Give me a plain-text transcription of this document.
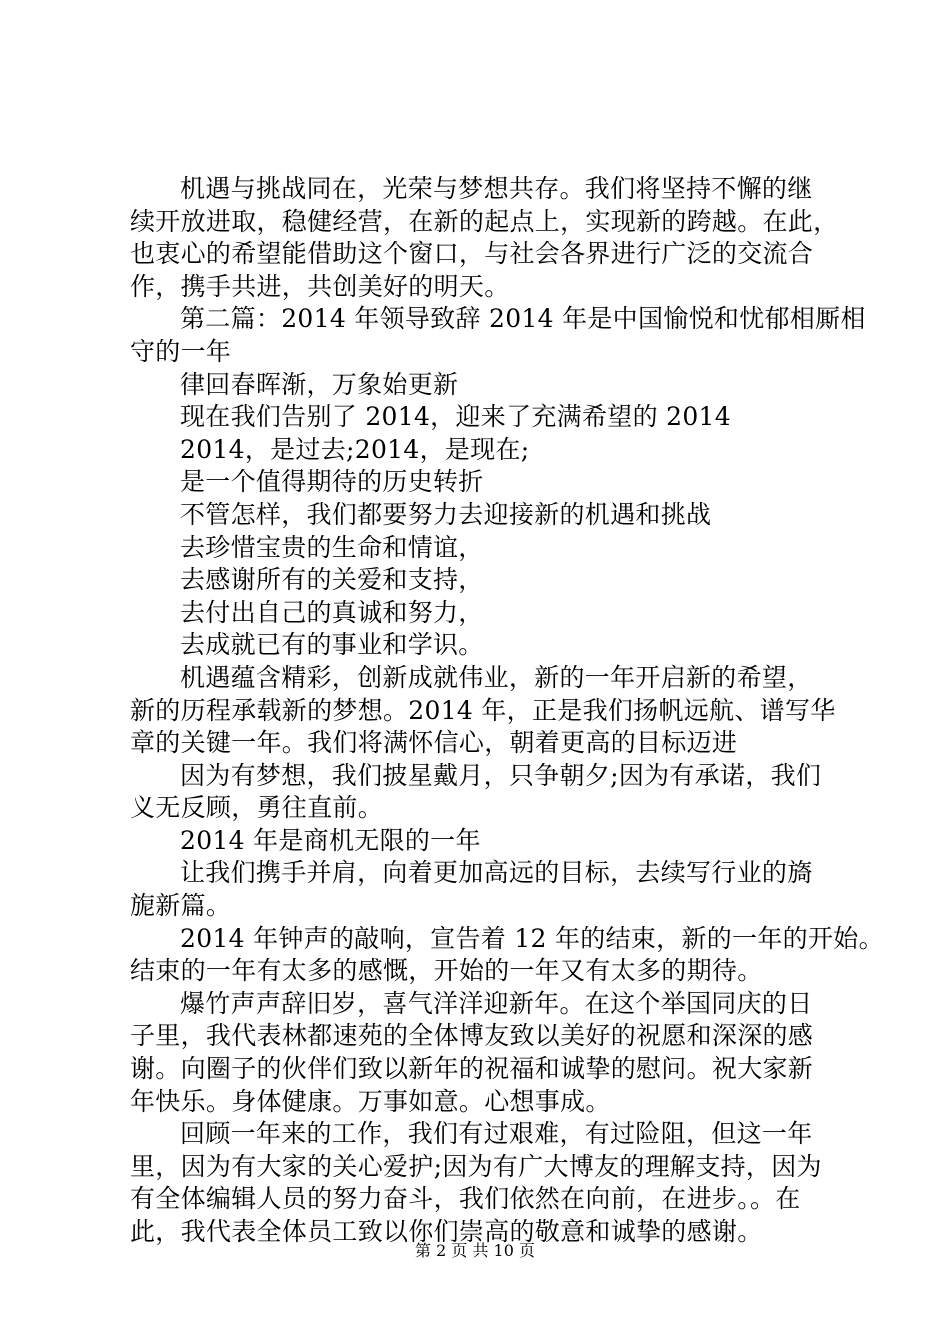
机遇与挑战同在，光荣与梦想共存。我们将坚持不懈的继
续开放进取，稳健经营，在新的起点上，实现新的跨越。在此，
也衷心的希望能借助这个窗口，与社会各界进行广泛的交流合
作，携手共进，共创美好的明天。
第二篇：2014 年领导致辞 2014 年是中国愉悦和忧郁相厮相
守的一年
律回春晖渐，万象始更新
现在我们告别了 2014，迎来了充满希望的 2014
2014，是过去;2014，是现在;
是一个值得期待的历史转折
不管怎样，我们都要努力去迎接新的机遇和挑战
去珍惜宝贵的生命和情谊，
去感谢所有的关爱和支持，
去付出自己的真诚和努力，
去成就已有的事业和学识。
机遇蕴含精彩，创新成就伟业，新的一年开启新的希望，
新的历程承载新的梦想。2014 年，正是我们扬帆远航、谱写华
章的关键一年。我们将满怀信心，朝着更高的目标迈进
因为有梦想，我们披星戴月，只争朝夕;因为有承诺，我们
义无反顾，勇往直前。
2014 年是商机无限的一年
让我们携手并肩，向着更加高远的目标，去续写行业的旖
旎新篇。
2014 年钟声的敲响，宣告着 12 年的结束，新的一年的开始。
结束的一年有太多的感慨，开始的一年又有太多的期待。
爆竹声声辞旧岁，喜气洋洋迎新年。在这个举国同庆的日
子里，我代表林都速苑的全体博友致以美好的祝愿和深深的感
谢。向圈子的伙伴们致以新年的祝福和诚挚的慰问。祝大家新
年快乐。身体健康。万事如意。心想事成。
回顾一年来的工作，我们有过艰难，有过险阻，但这一年
里，因为有大家的关心爱护;因为有广大博友的理解支持，因为
有全体编辑人员的努力奋斗，我们依然在向前，在进步。。在
此，我代表全体员工致以你们崇高的敬意和诚挚的感谢。
第 2 页 共 10 页
